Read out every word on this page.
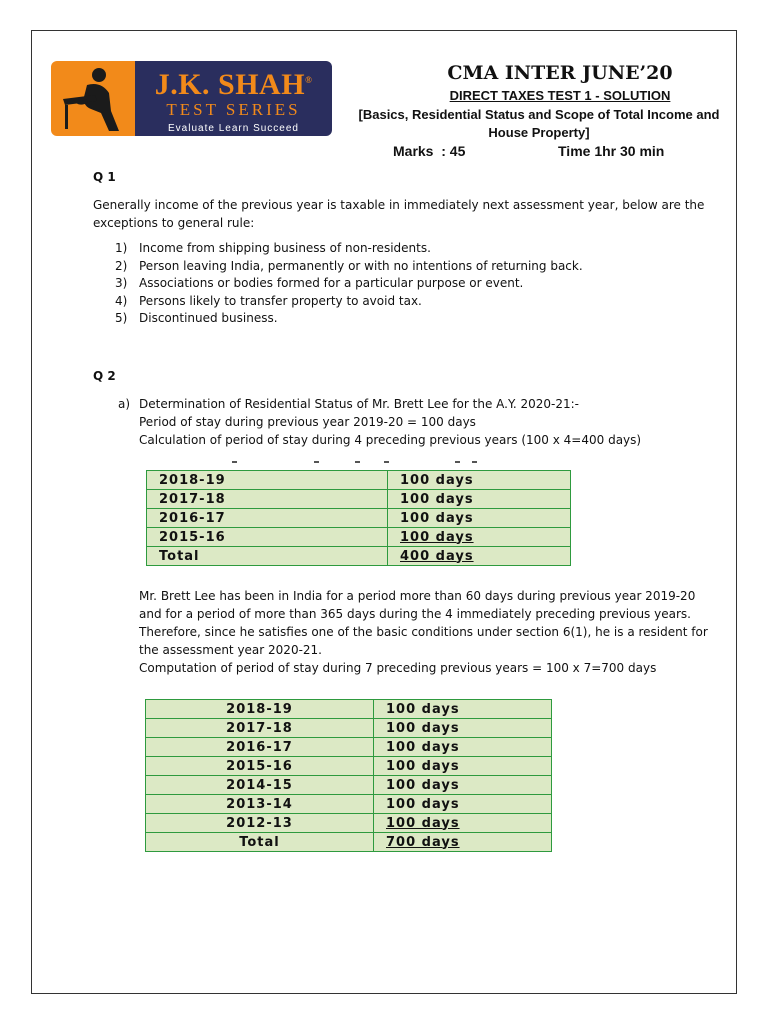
J.K. SHAH®
TEST SERIES
Evaluate Learn Succeed
CMA INTER JUNE’20
DIRECT TAXES TEST 1 - SOLUTION
[Basics, Residential Status and Scope of Total Income and
House Property]
Marks  : 45	Time 1hr 30 min
Q 1
Generally income of the previous year is taxable in immediately next assessment year, below are the
exceptions to general rule:
1) Income from shipping business of non-residents.
2) Person leaving India, permanently or with no intentions of returning back.
3) Associations or bodies formed for a particular purpose or event.
4) Persons likely to transfer property to avoid tax.
5) Discontinued business.
Q 2
a) Determination of Residential Status of Mr. Brett Lee for the A.Y. 2020-21:-
Period of stay during previous year 2019-20 = 100 days
Calculation of period of stay during 4 preceding previous years (100 x 4=400 days)
2018-19	100 days
2017-18	100 days
2016-17	100 days
2015-16	100 days
Total	400 days
Mr. Brett Lee has been in India for a period more than 60 days during previous year 2019-20
and for a period of more than 365 days during the 4 immediately preceding previous years.
Therefore, since he satisfies one of the basic conditions under section 6(1), he is a resident for
the assessment year 2020-21.
Computation of period of stay during 7 preceding previous years = 100 x 7=700 days
2018-19	100 days
2017-18	100 days
2016-17	100 days
2015-16	100 days
2014-15	100 days
2013-14	100 days
2012-13	100 days
Total	700 days
